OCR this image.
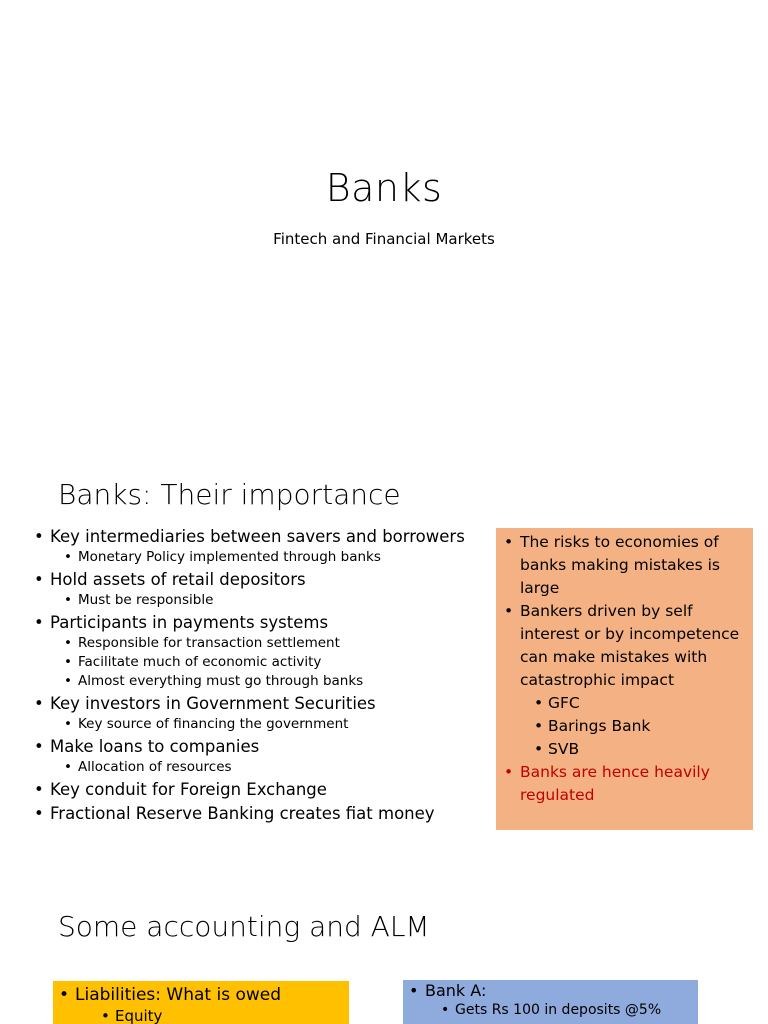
Banks
Fintech and Financial Markets
Banks: Their importance
• Key intermediaries between savers and borrowers
• Monetary Policy implemented through banks
• Hold assets of retail depositors
• Must be responsible
• Participants in payments systems
• Responsible for transaction settlement
• Facilitate much of economic activity
• Almost everything must go through banks
• Key investors in Government Securities
• Key source of financing the government
• Make loans to companies
• Allocation of resources
• Key conduit for Foreign Exchange
• Fractional Reserve Banking creates fiat money
• The risks to economies of banks making mistakes is large
• Bankers driven by self interest or by incompetence can make mistakes with catastrophic impact
• GFC
• Barings Bank
• SVB
• Banks are hence heavily regulated
Some accounting and ALM
• Liabilities: What is owed
• Equity
• Bank A:
• Gets Rs 100 in deposits @5%
